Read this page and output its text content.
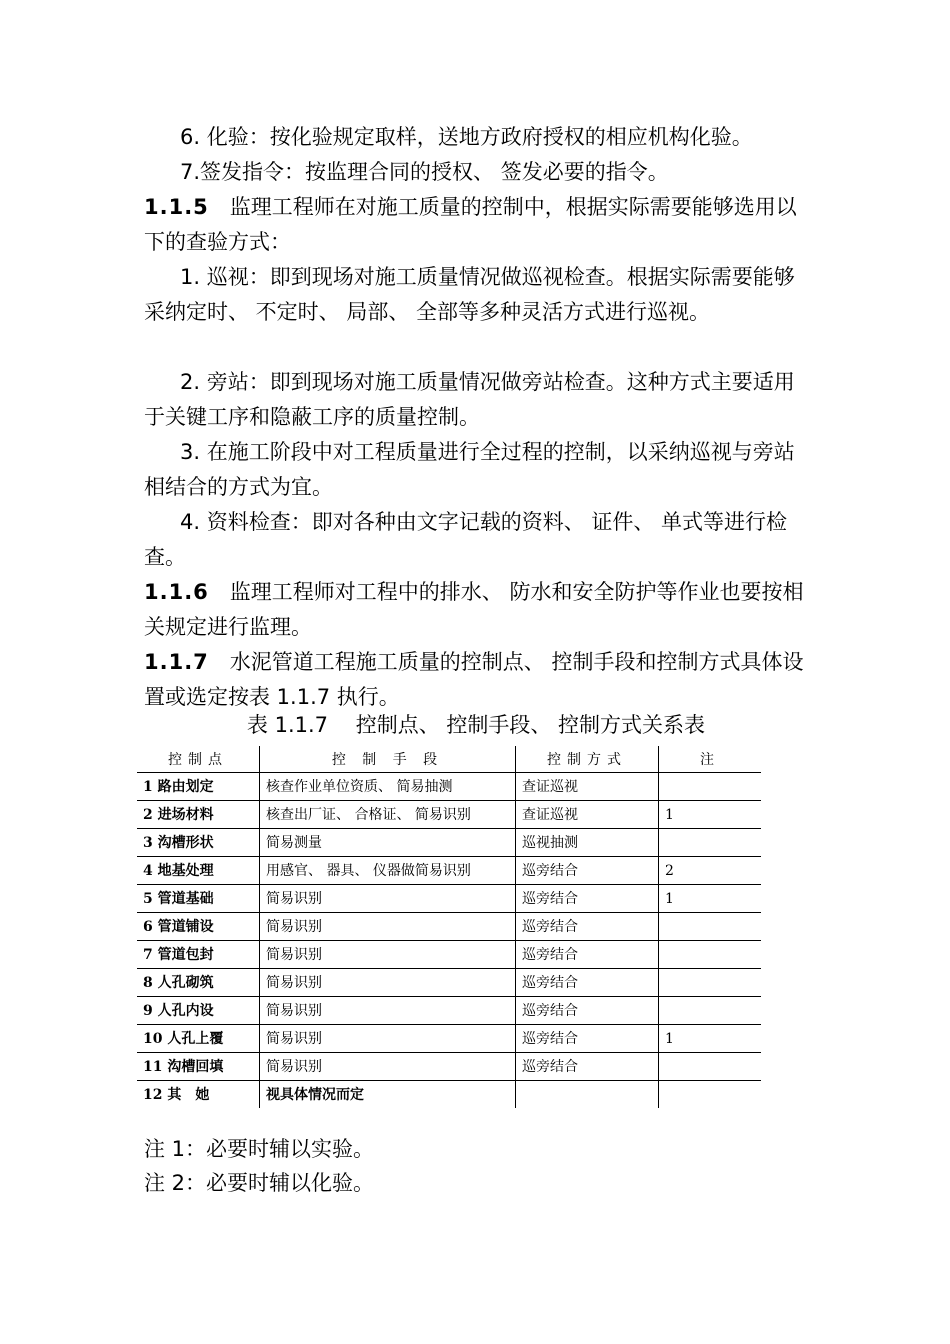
6. 化验：按化验规定取样，送地方政府授权的相应机构化验。
7.签发指令：按监理合同的授权、 签发必要的指令。
1.1.5　 监理工程师在对施工质量的控制中，根据实际需要能够选用以下的查验方式：
1. 巡视：即到现场对施工质量情况做巡视检查。根据实际需要能够采纳定时、 不定时、 局部、 全部等多种灵活方式进行巡视。
2. 旁站：即到现场对施工质量情况做旁站检查。这种方式主要适用于关键工序和隐蔽工序的质量控制。
3. 在施工阶段中对工程质量进行全过程的控制，以采纳巡视与旁站相结合的方式为宜。
4. 资料检查：即对各种由文字记载的资料、 证件、 单式等进行检查。
1.1.6　 监理工程师对工程中的排水、 防水和安全防护等作业也要按相关规定进行监理。
1.1.7　 水泥管道工程施工质量的控制点、 控制手段和控制方式具体设置或选定按表 1.1.7 执行。
表 1.1.7　 控制点、 控制手段、 控制方式关系表
控制点	控 制 手 段	控制方式	注
1 路由划定	核查作业单位资质、 简易抽测	查证巡视	
2 进场材料	核查出厂证、 合格证、 简易识别	查证巡视	1
3 沟槽形状	简易测量	巡视抽测	
4 地基处理	用感官、 器具、 仪器做简易识别	巡旁结合	2
5 管道基础	简易识别	巡旁结合	1
6 管道铺设	简易识别	巡旁结合	
7 管道包封	简易识别	巡旁结合	
8 人孔砌筑	简易识别	巡旁结合	
9 人孔内设	简易识别	巡旁结合	
10 人孔上覆	简易识别	巡旁结合	1
11 沟槽回填	简易识别	巡旁结合	
12 其　她	视具体情况而定		
注 1：必要时辅以实验。
注 2：必要时辅以化验。
